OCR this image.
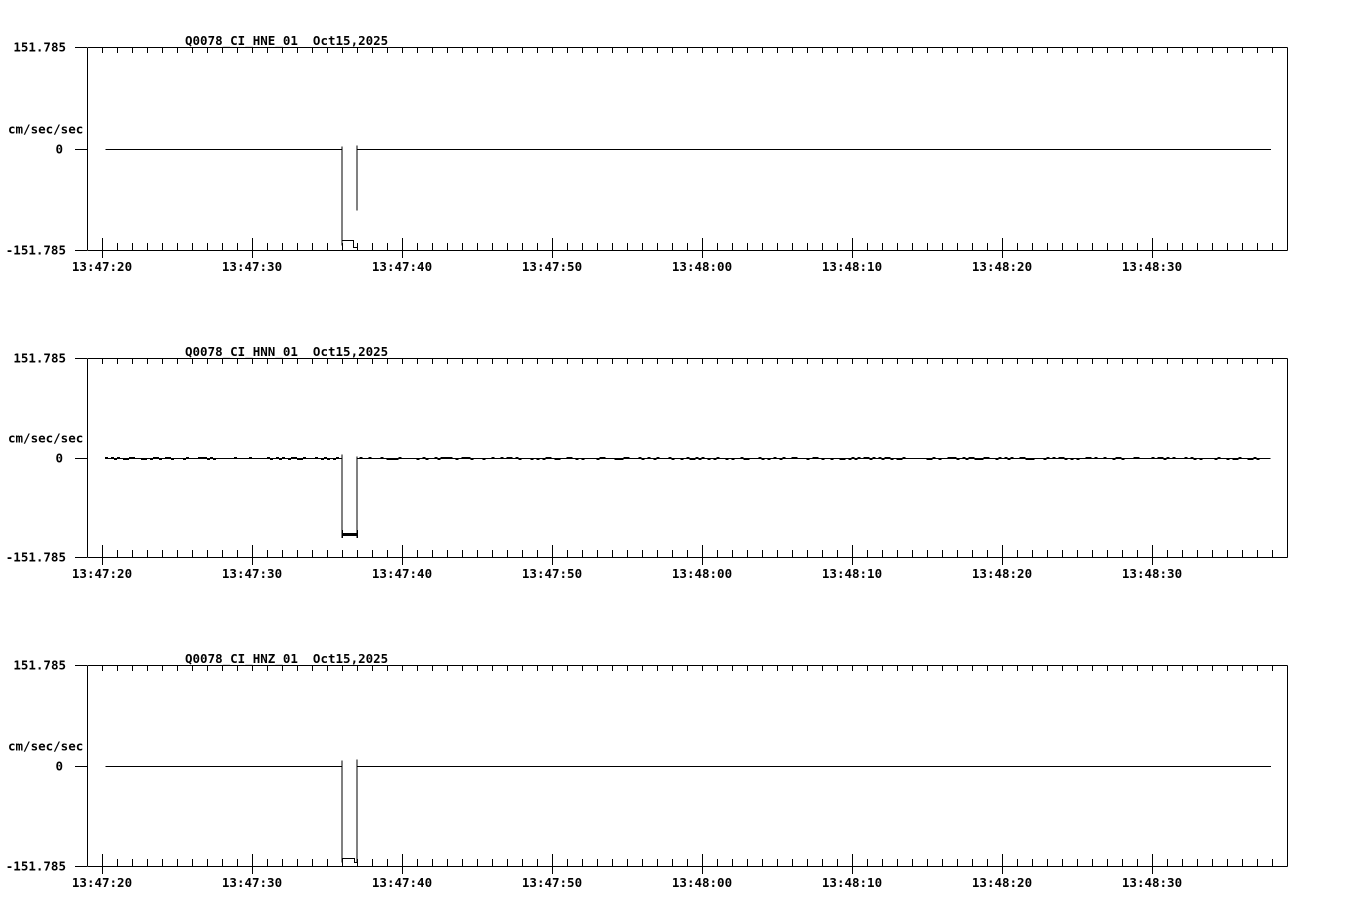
Q0078_CI_HNE_01  Oct15,2025
151.785
cm/sec/sec
0
-151.785
13:47:20	13:47:30	13:47:40	13:47:50	13:48:00	13:48:10	13:48:20	13:48:30
Q0078_CI_HNN_01  Oct15,2025
151.785
cm/sec/sec
0
-151.785
13:47:20	13:47:30	13:47:40	13:47:50	13:48:00	13:48:10	13:48:20	13:48:30
Q0078_CI_HNZ_01  Oct15,2025
151.785
cm/sec/sec
0
-151.785
13:47:20	13:47:30	13:47:40	13:47:50	13:48:00	13:48:10	13:48:20	13:48:30
